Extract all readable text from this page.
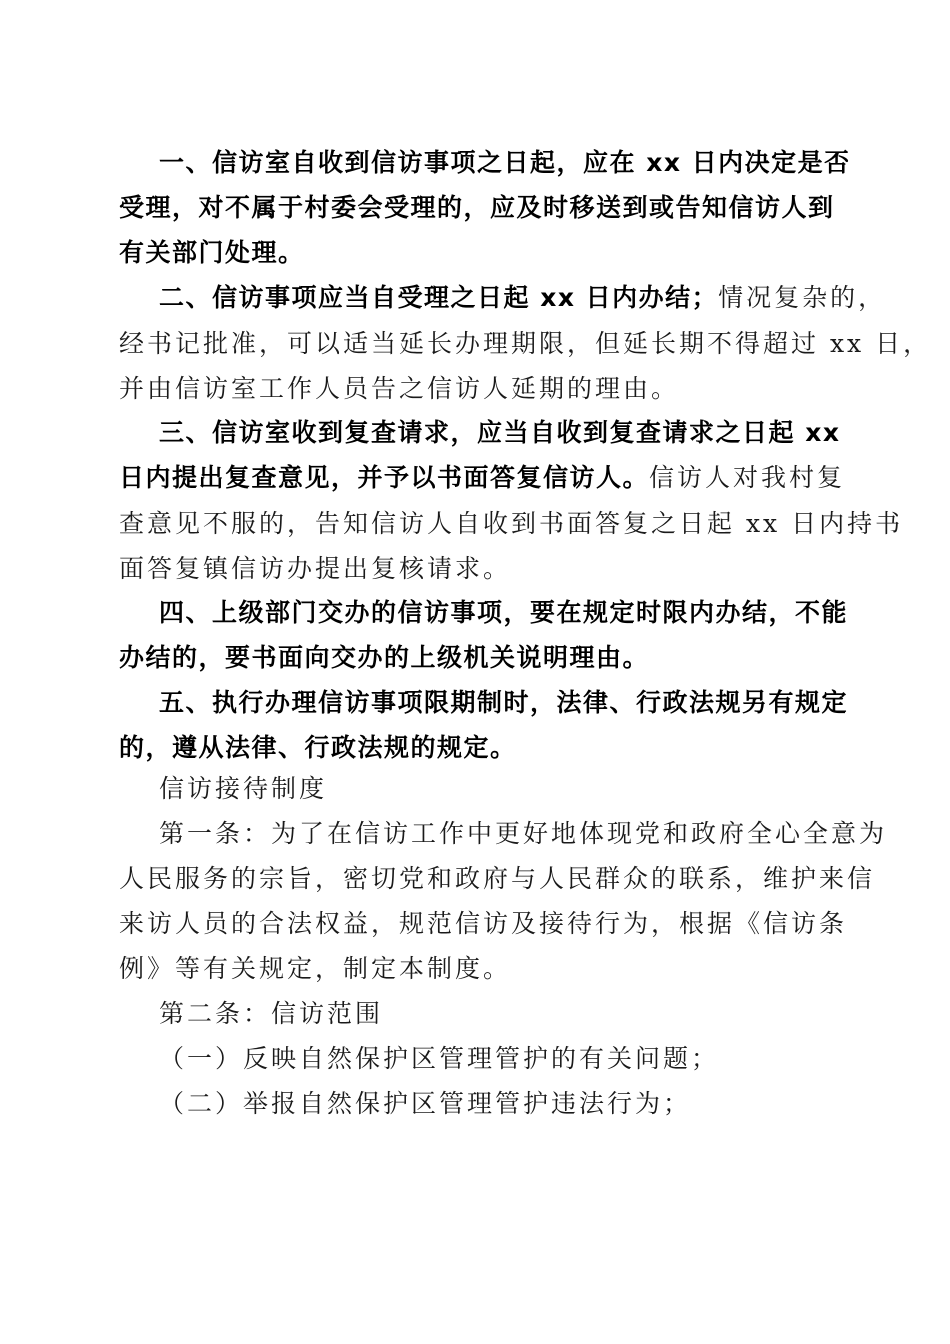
一、信访室自收到信访事项之日起，应在 xx 日内决定是否
受理，对不属于村委会受理的，应及时移送到或告知信访人到
有关部门处理。
二、信访事项应当自受理之日起 xx 日内办结；情况复杂的，
经书记批准，可以适当延长办理期限，但延长期不得超过 xx 日，
并由信访室工作人员告之信访人延期的理由。
三、信访室收到复查请求，应当自收到复查请求之日起 xx
日内提出复查意见，并予以书面答复信访人。信访人对我村复
查意见不服的，告知信访人自收到书面答复之日起 xx 日内持书
面答复镇信访办提出复核请求。
四、上级部门交办的信访事项，要在规定时限内办结，不能
办结的，要书面向交办的上级机关说明理由。
五、执行办理信访事项限期制时，法律、行政法规另有规定
的，遵从法律、行政法规的规定。
信访接待制度
第一条：为了在信访工作中更好地体现党和政府全心全意为
人民服务的宗旨，密切党和政府与人民群众的联系，维护来信
来访人员的合法权益，规范信访及接待行为，根据《信访条
例》等有关规定，制定本制度。
第二条：信访范围
（一）反映自然保护区管理管护的有关问题；
（二）举报自然保护区管理管护违法行为；
